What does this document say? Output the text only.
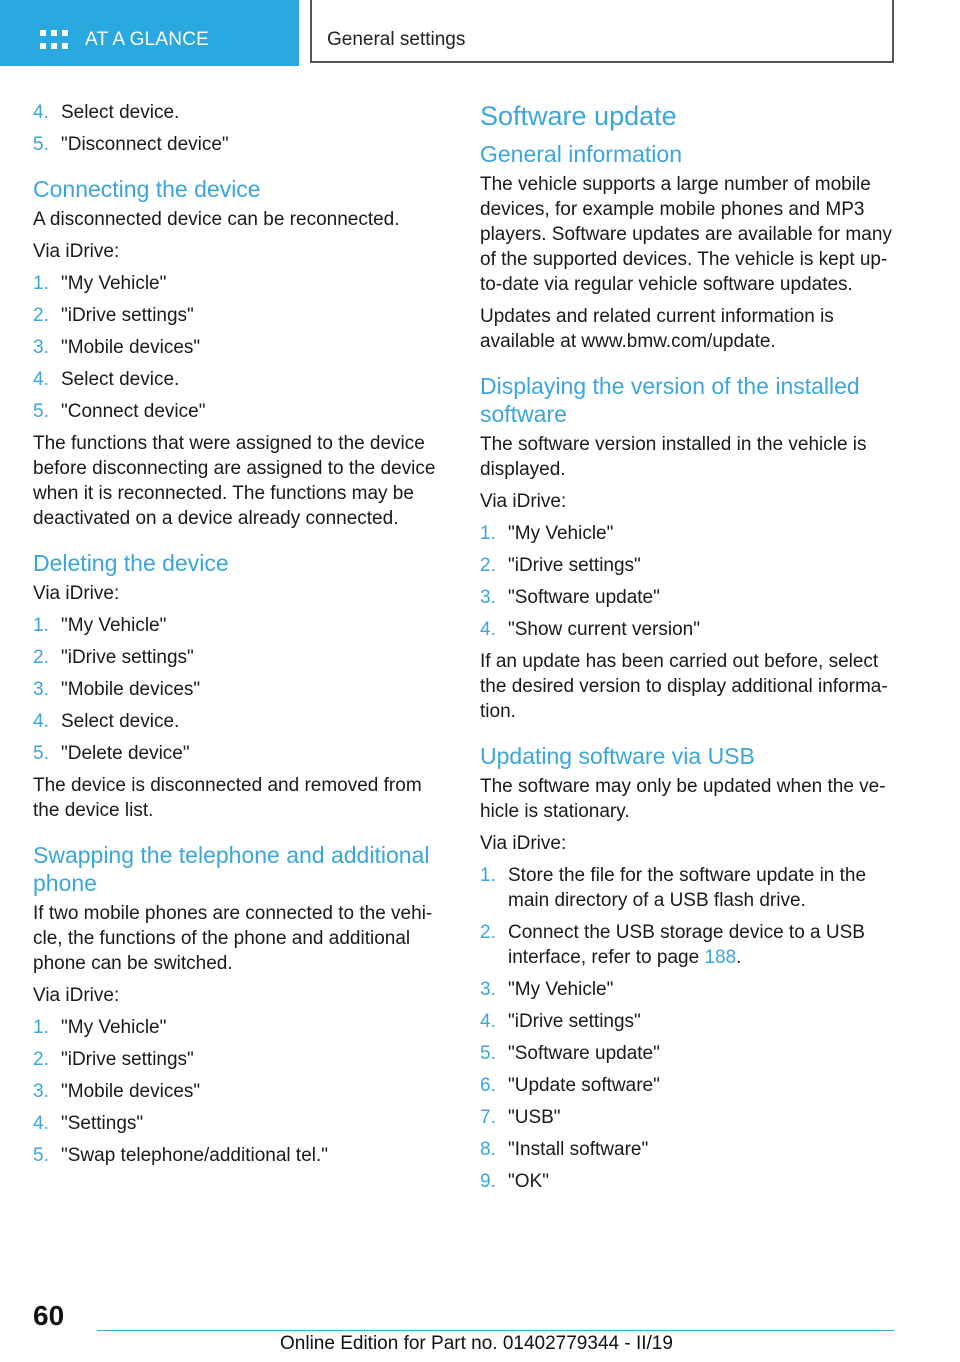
AT A GLANCE	General settings
4. Select device.
5. "Disconnect device"
Connecting the device

A disconnected device can be reconnected.

Via iDrive:

1. "My Vehicle"
2. "iDrive settings"
3. "Mobile devices"
4. Select device.
5. "Connect device"

The functions that were assigned to the device before disconnecting are assigned to the device when it is reconnected. The functions may be deactivated on a device already connected.

Deleting the device

Via iDrive:

1. "My Vehicle"
2. "iDrive settings"
3. "Mobile devices"
4. Select device.
5. "Delete device"

The device is disconnected and removed from the device list.

Swapping the telephone and additional phone

If two mobile phones are connected to the vehicle, the functions of the phone and additional phone can be switched.

Via iDrive:

1. "My Vehicle"
2. "iDrive settings"
3. "Mobile devices"
4. "Settings"
5. "Swap telephone/additional tel."
Software update
General information

The vehicle supports a large number of mobile devices, for example mobile phones and MP3 players. Software updates are available for many of the supported devices. The vehicle is kept up-to-date via regular vehicle software updates.

Updates and related current information is available at www.bmw.com/update.

Displaying the version of the installed software

The software version installed in the vehicle is displayed.

Via iDrive:

1. "My Vehicle"
2. "iDrive settings"
3. "Software update"
4. "Show current version"

If an update has been carried out before, select the desired version to display additional information.

Updating software via USB

The software may only be updated when the vehicle is stationary.

Via iDrive:

1. Store the file for the software update in the main directory of a USB flash drive.
2. Connect the USB storage device to a USB interface, refer to page 188.
3. "My Vehicle"
4. "iDrive settings"
5. "Software update"
6. "Update software"
7. "USB"
8. "Install software"
9. "OK"
60
Online Edition for Part no. 01402779344 - II/19
